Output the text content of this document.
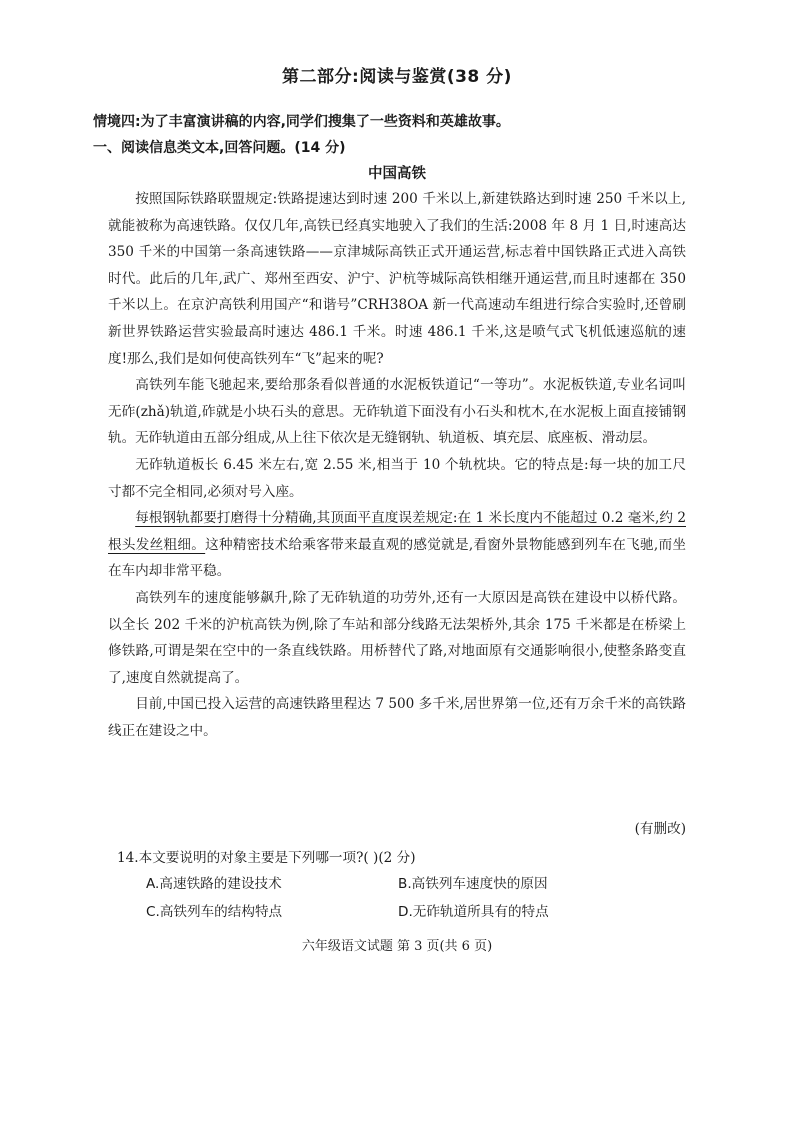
第二部分:阅读与鉴赏(38 分)
情境四:为了丰富演讲稿的内容,同学们搜集了一些资料和英雄故事。
一、阅读信息类文本,回答问题。(14 分)
中国高铁

按照国际铁路联盟规定:铁路提速达到时速 200 千米以上,新建铁路达到时速 250 千米以上,就能被称为高速铁路。仅仅几年,高铁已经真实地驶入了我们的生活:2008 年 8 月 1 日,时速高达 350 千米的中国第一条高速铁路——京津城际高铁正式开通运营,标志着中国铁路正式进入高铁时代。此后的几年,武广、郑州至西安、沪宁、沪杭等城际高铁相继开通运营,而且时速都在 350 千米以上。在京沪高铁利用国产“和谐号”CRH38OA 新一代高速动车组进行综合实验时,还曾刷新世界铁路运营实验最高时速达 486.1 千米。时速 486.1 千米,这是喷气式飞机低速巡航的速度!那么,我们是如何使高铁列车“飞”起来的呢?

高铁列车能飞驰起来,要给那条看似普通的水泥板铁道记“一等功”。水泥板铁道,专业名词叫无砟(zhǎ)轨道,砟就是小块石头的意思。无砟轨道下面没有小石头和枕木,在水泥板上面直接铺钢轨。无砟轨道由五部分组成,从上往下依次是无缝钢轨、轨道板、填充层、底座板、滑动层。

无砟轨道板长 6.45 米左右,宽 2.55 米,相当于 10 个轨枕块。它的特点是:每一块的加工尺寸都不完全相同,必须对号入座。

每根钢轨都要打磨得十分精确,其顶面平直度误差规定:在 1 米长度内不能超过 0.2 毫米,约 2 根头发丝粗细。这种精密技术给乘客带来最直观的感觉就是,看窗外景物能感到列车在飞驰,而坐在车内却非常平稳。

高铁列车的速度能够飙升,除了无砟轨道的功劳外,还有一大原因是高铁在建设中以桥代路。以全长 202 千米的沪杭高铁为例,除了车站和部分线路无法架桥外,其余 175 千米都是在桥梁上修铁路,可谓是架在空中的一条直线铁路。用桥替代了路,对地面原有交通影响很小,使整条路变直了,速度自然就提高了。

目前,中国已投入运营的高速铁路里程达 7 500 多千米,居世界第一位,还有万余千米的高铁路线正在建设之中。

(有删改)
14.本文要说明的对象主要是下列哪一项?( )(2 分)
A.高速铁路的建设技术	B.高铁列车速度快的原因
C.高铁列车的结构特点	D.无砟轨道所具有的特点
六年级语文试题 第 3 页(共 6 页)
